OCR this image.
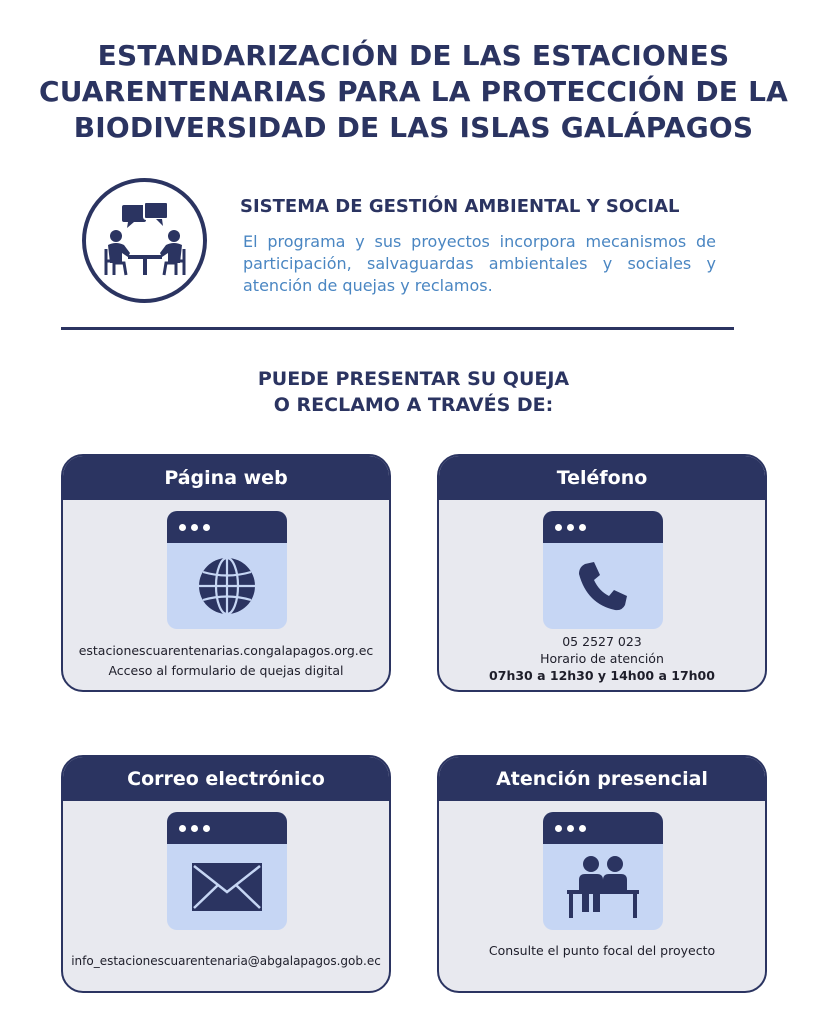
ESTANDARIZACIÓN DE LAS ESTACIONES
CUARENTENARIAS PARA LA PROTECCIÓN DE LA
BIODIVERSIDAD DE LAS ISLAS GALÁPAGOS
SISTEMA DE GESTIÓN AMBIENTAL Y SOCIAL
El programa y sus proyectos incorpora mecanismos de participación, salvaguardas ambientales y sociales y atención de quejas y reclamos.
PUEDE PRESENTAR SU QUEJA
O RECLAMO A TRAVÉS DE:
Página web
estacionescuarentenarias.congalapagos.org.ec
Acceso al formulario de quejas digital
Teléfono
05 2527 023
Horario de atención
07h30 a 12h30 y 14h00 a 17h00
Correo electrónico
info_estacionescuarentenaria@abgalapagos.gob.ec
Atención presencial
Consulte el punto focal del proyecto
